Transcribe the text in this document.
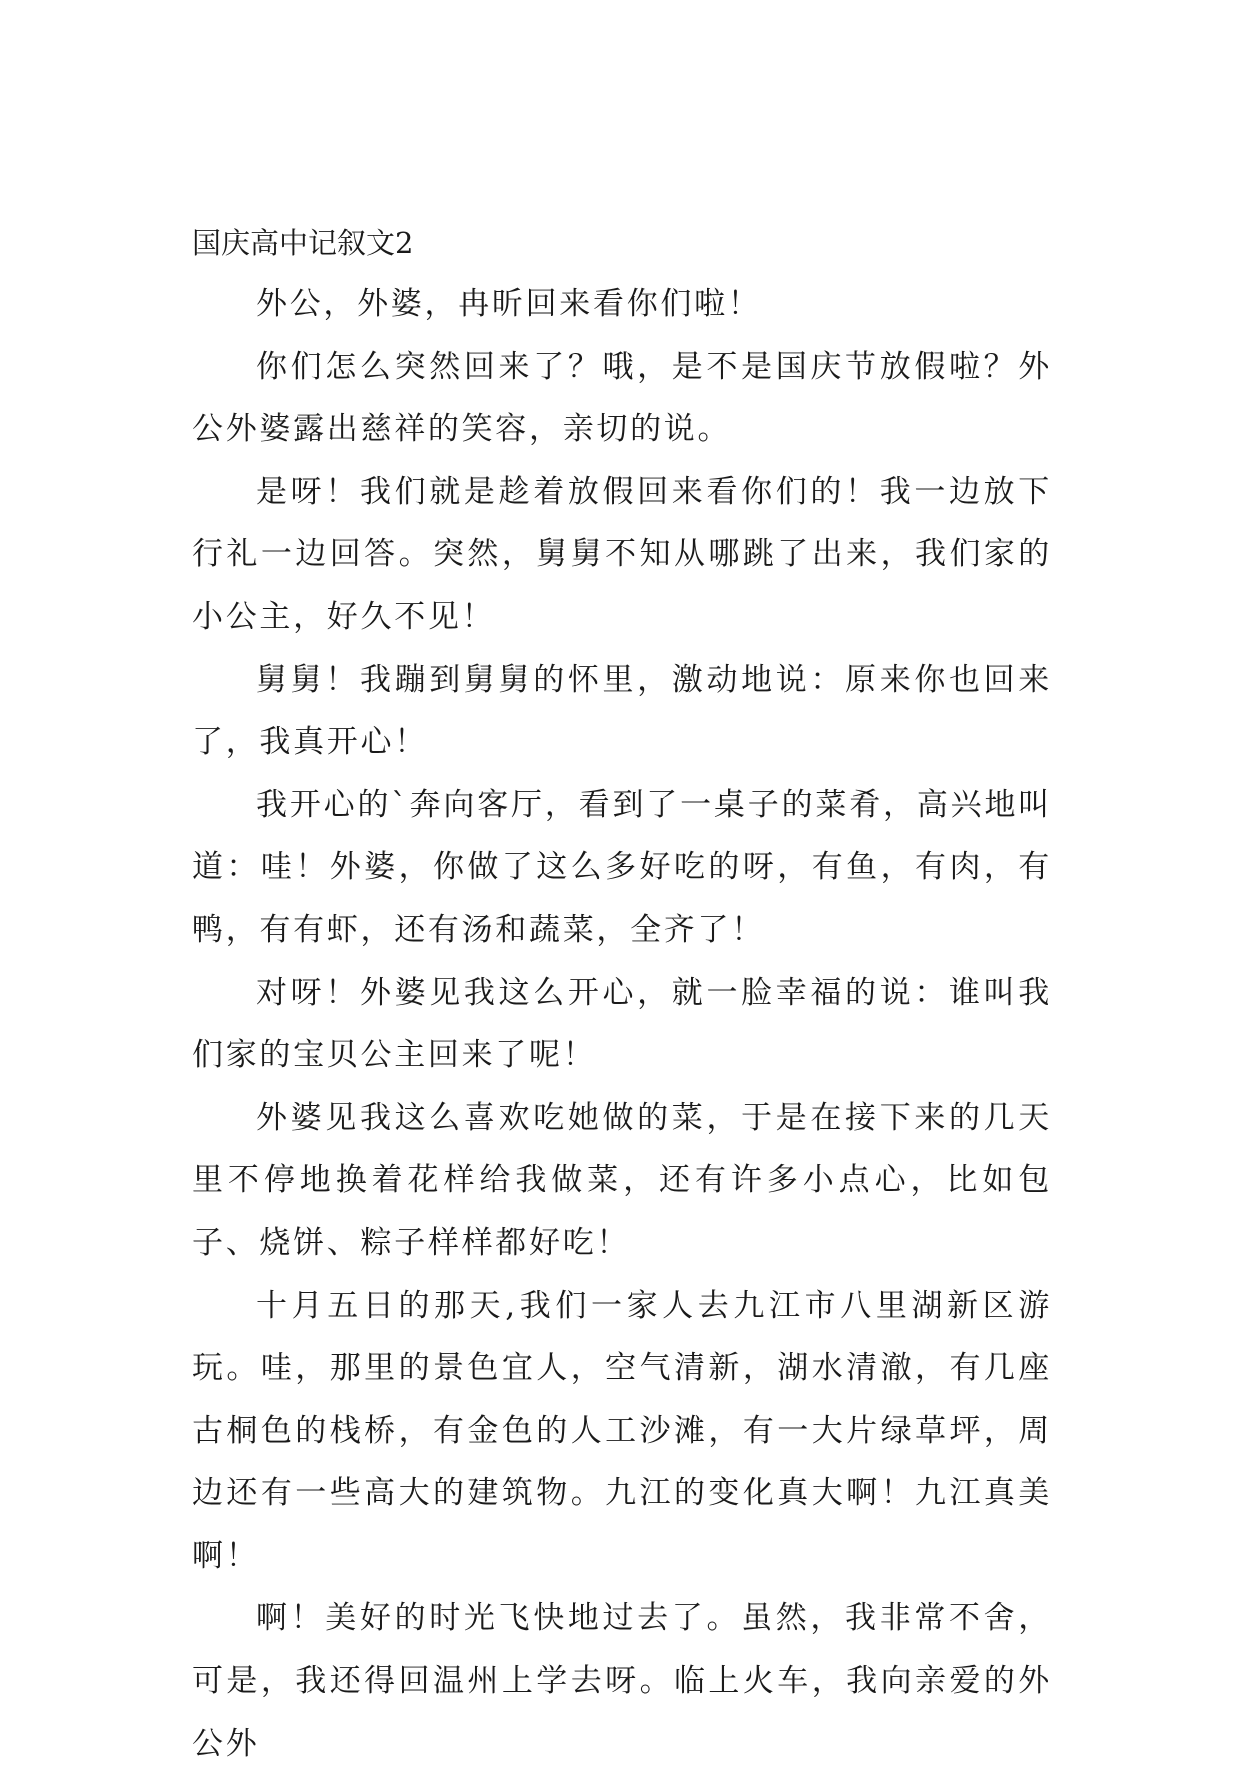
国庆高中记叙文2

外公，外婆，冉昕回来看你们啦！

你们怎么突然回来了？哦，是不是国庆节放假啦？外公外婆露出慈祥的笑容，亲切的说。

是呀！我们就是趁着放假回来看你们的！我一边放下行礼一边回答。突然，舅舅不知从哪跳了出来，我们家的小公主，好久不见！

舅舅！我蹦到舅舅的怀里，激动地说：原来你也回来了，我真开心！

我开心的`奔向客厅，看到了一桌子的菜肴，高兴地叫道：哇！外婆，你做了这么多好吃的呀，有鱼，有肉，有鸭，有有虾，还有汤和蔬菜，全齐了！

对呀！外婆见我这么开心，就一脸幸福的说：谁叫我们家的宝贝公主回来了呢！

外婆见我这么喜欢吃她做的菜，于是在接下来的几天里不停地换着花样给我做菜，还有许多小点心，比如包子、烧饼、粽子样样都好吃！

十月五日的那天,我们一家人去九江市八里湖新区游玩。哇，那里的景色宜人，空气清新，湖水清澈，有几座古桐色的栈桥，有金色的人工沙滩，有一大片绿草坪，周边还有一些高大的建筑物。九江的变化真大啊！九江真美啊！

啊！美好的时光飞快地过去了。虽然，我非常不舍，可是，我还得回温州上学去呀。临上火车，我向亲爱的外公外
